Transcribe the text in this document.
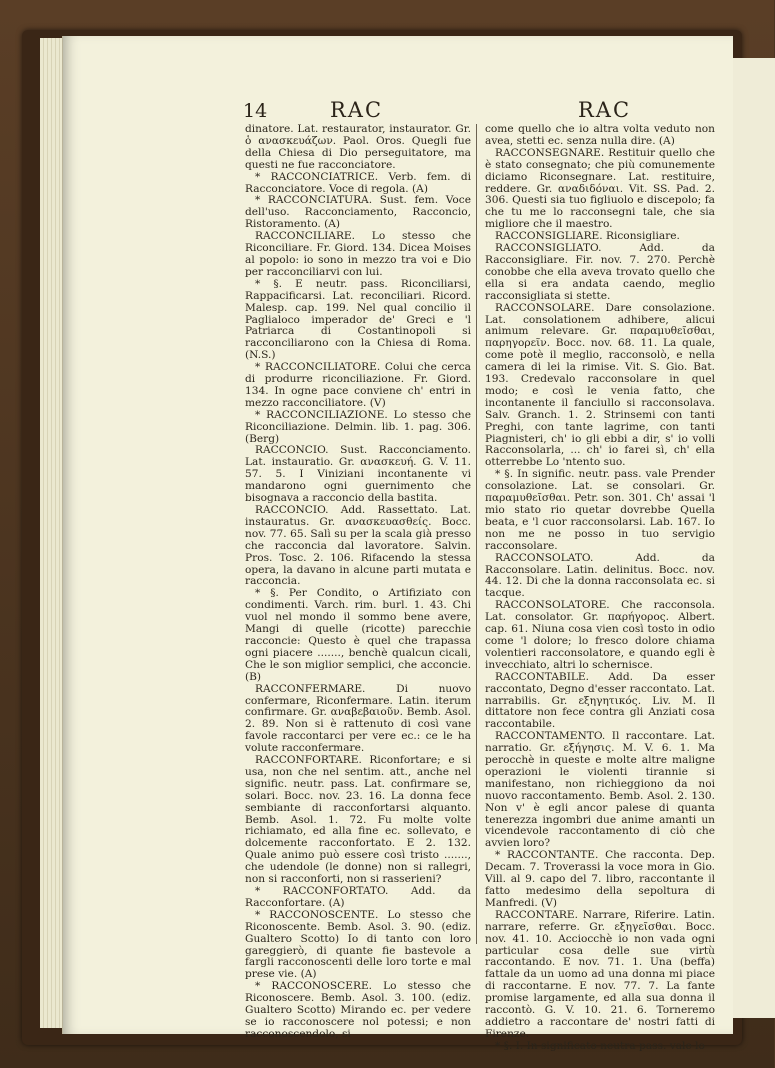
14	RAC	RAC

dinatore. Lat. restaurator, instaurator. Gr. ὁ ανασκευάζων. Paol. Oros. Quegli fue della Chiesa di Dio perseguitatore, ma questi ne fue racconciatore.

* RACCONCIATRICE. Verb. fem. di Racconciatore. Voce di regola. (A)

* RACCONCIATURA. Sust. fem. Voce dell'uso. Racconciamento, Racconcio, Ristoramento. (A)

RACCONCILIARE. Lo stesso che Riconciliare. Fr. Giord. 134. Dicea Moises al popolo: io sono in mezzo tra voi e Dio per racconciliarvi con lui.

* §. E neutr. pass. Riconciliarsi, Rappacificarsi. Lat. reconciliari. Ricord. Malesp. cap. 199. Nel qual concilio il Paglialoco imperador de' Greci e 'l Patriarca di Costantinopoli si racconciliarono con la Chiesa di Roma. (N.S.)

* RACCONCILIATORE. Colui che cerca di produrre riconciliazione. Fr. Giord. 134. In ogne pace conviene ch' entri in mezzo racconciliatore. (V)

* RACCONCILIAZIONE. Lo stesso che Riconciliazione. Delmin. lib. 1. pag. 306. (Berg)

RACCONCIO. Sust. Racconciamento. Lat. instauratio. Gr. ανασκευή. G. V. 11. 57. 5. I Viniziani incontanente vi mandarono ogni guernimento che bisognava a racconcio della bastita.

RACCONCIO. Add. Rassettato. Lat. instauratus. Gr. ανασκευασθείς. Bocc. nov. 77. 65. Salì su per la scala già presso che racconcia dal lavoratore. Salvin. Pros. Tosc. 2. 106. Rifacendo la stessa opera, la davano in alcune parti mutata e racconcia.

* §. Per Condito, o Artifiziato con condimenti. Varch. rim. burl. 1. 43. Chi vuol nel mondo il sommo bene avere, Mangi di quelle (ricotte) parecchie racconcie: Questo è quel che trapassa ogni piacere ......., benchè qualcun cicali, Che le son miglior semplici, che acconcie. (B)

RACCONFERMARE. Di nuovo confermare, Riconfermare. Latin. iterum confirmare. Gr. αναβεβαιοῦν. Bemb. Asol. 2. 89. Non si è rattenuto di così vane favole raccontarci per vere ec.: ce le ha volute racconfermare.

RACCONFORTARE. Riconfortare; e si usa, non che nel sentim. att., anche nel signific. neutr. pass. Lat. confirmare se, solari. Bocc. nov. 23. 16. La donna fece sembiante di racconfortarsi alquanto. Bemb. Asol. 1. 72. Fu molte volte richiamato, ed alla fine ec. sollevato, e dolcemente racconfortato. E 2. 132. Quale animo può essere così tristo ......., che udendole (le donne) non si rallegri, non si racconforti, non si rasserieni?

* RACCONFORTATO. Add. da Racconfortare. (A)

* RACCONOSCENTE. Lo stesso che Riconoscente. Bemb. Asol. 3. 90. (ediz. Gualtero Scotto) Io di tanto con loro gareggierò, di quante fie bastevole a fargli racconoscenti delle loro torte e mal prese vie. (A)

* RACCONOSCERE. Lo stesso che Riconoscere. Bemb. Asol. 3. 100. (ediz. Gualtero Scotto) Mirando ec. per vedere se io racconoscere nol potessi; e non racconoscendolo, si

come quello che io altra volta veduto non avea, stetti ec. senza nulla dire. (A)

RACCONSEGNARE. Restituir quello che è stato consegnato; che più comunemente diciamo Riconsegnare. Lat. restituire, reddere. Gr. αναδιδόναι. Vit. SS. Pad. 2. 306. Questi sia tuo figliuolo e discepolo; fa che tu me lo racconsegni tale, che sia migliore che il maestro.

RACCONSIGLIARE. Riconsigliare.

RACCONSIGLIATO. Add. da Racconsigliare. Fir. nov. 7. 270. Perchè conobbe che ella aveva trovato quello che ella si era andata caendo, meglio racconsigliata si stette.

RACCONSOLARE. Dare consolazione. Lat. consolationem adhibere, alicui animum relevare. Gr. παραμυθεῖσθαι, παρηγορεῖν. Bocc. nov. 68. 11. La quale, come potè il meglio, racconsolò, e nella camera di lei la rimise. Vit. S. Gio. Bat. 193. Credevalo racconsolare in quel modo; e così le venia fatto, che incontanente il fanciullo si racconsolava. Salv. Granch. 1. 2. Strinsemi con tanti Preghi, con tante lagrime, con tanti Piagnisteri, ch' io gli ebbi a dir, s' io volli Racconsolarla, ... ch' io farei sì, ch' ella otterrebbe Lo 'ntento suo.

* §. In signific. neutr. pass. vale Prender consolazione. Lat. se consolari. Gr. παραμυθεῖσθαι. Petr. son. 301. Ch' assai 'l mio stato rio quetar dovrebbe Quella beata, e 'l cuor racconsolarsi. Lab. 167. Io non me ne posso in tuo servigio racconsolare.

RACCONSOLATO. Add. da Racconsolare. Latin. delinitus. Bocc. nov. 44. 12. Di che la donna racconsolata ec. si tacque.

RACCONSOLATORE. Che racconsola. Lat. consolator. Gr. παρήγορος. Albert. cap. 61. Niuna cosa vien così tosto in odio come 'l dolore; lo fresco dolore chiama volentieri racconsolatore, e quando egli è invecchiato, altri lo schernisce.

RACCONTABILE. Add. Da esser raccontato, Degno d'esser raccontato. Lat. narrabilis. Gr. εξηγητικός. Liv. M. Il dittatore non fece contra gli Anziati cosa raccontabile.

RACCONTAMENTO. Il raccontare. Lat. narratio. Gr. εξήγησις. M. V. 6. 1. Ma perocchè in queste e molte altre maligne operazioni le violenti tirannie si manifestano, non richieggiono da noi nuovo raccontamento. Bemb. Asol. 2. 130. Non v' è egli ancor palese di quanta tenerezza ingombri due anime amanti un vicendevole raccontamento di ciò che avvien loro?

* RACCONTANTE. Che racconta. Dep. Decam. 7. Troverassi la voce mora in Gio. Vill. al 9. capo del 7. libro, raccontante il fatto medesimo della sepoltura di Manfredi. (V)

RACCONTARE. Narrare, Riferire. Latin. narrare, referre. Gr. εξηγεῖσθαι. Bocc. nov. 41. 10. Acciocchè io non vada ogni particular cosa delle sue virtù raccontando. E nov. 71. 1. Una (beffa) fattale da un uomo ad una donna mi piace di raccontarne. E nov. 77. 7. La fante promise largamente, ed alla sua donna il raccontò. G. V. 10. 21. 6. Torneremo addietro a raccontare de' nostri fatti di Firenze.

* §. I. In significato neutra pass. vale lo
